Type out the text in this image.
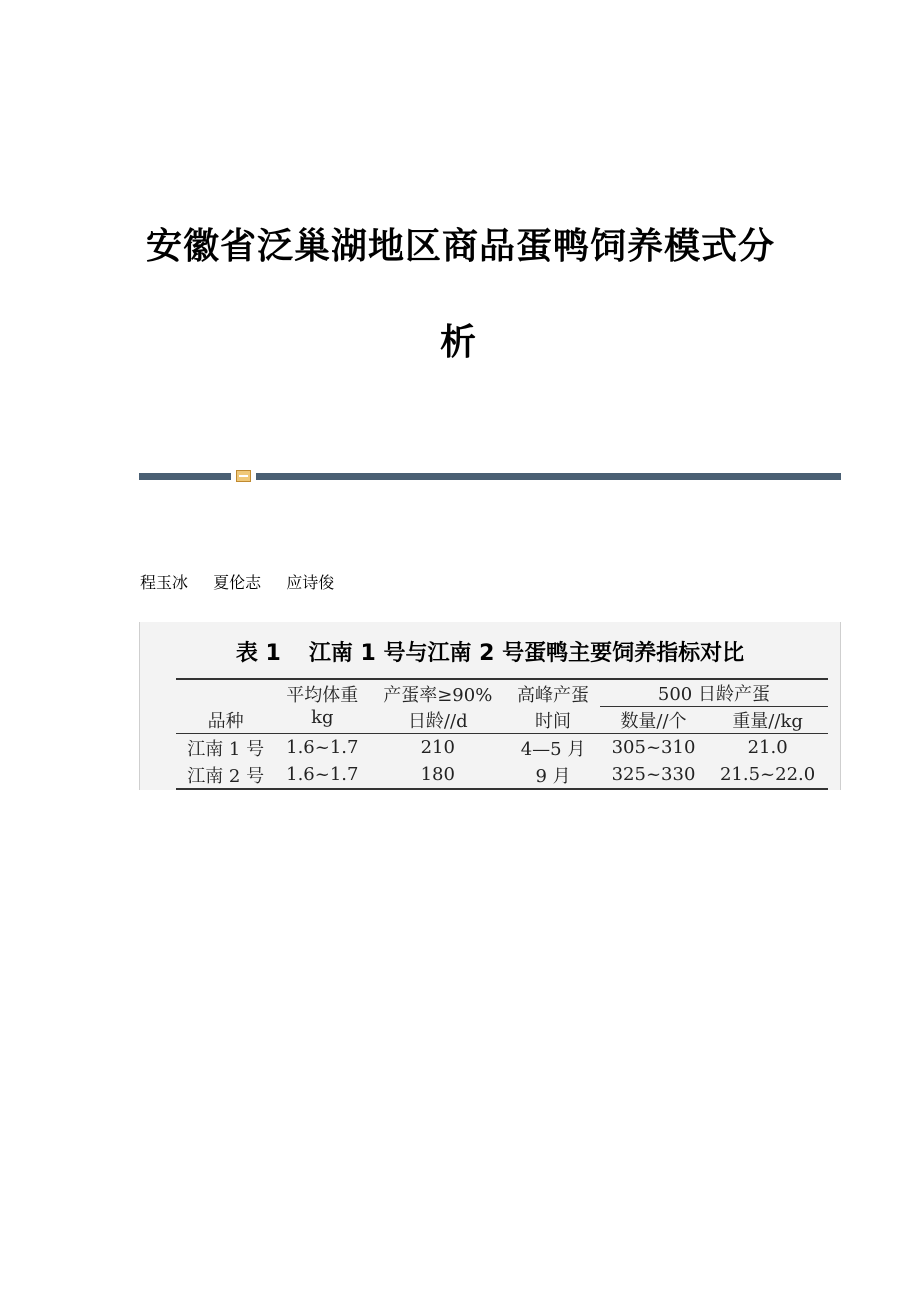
安徽省泛巢湖地区商品蛋鸭饲养模式分
析
程玉冰 夏伦志 应诗俊
表 1 江南 1 号与江南 2 号蛋鸭主要饲养指标对比
品种	平均体重	产蛋率≥90%	高峰产蛋	500 日龄产蛋	
	kg	日龄//d	时间	数量//个	重量//kg
江南 1 号	1.6~1.7	210	4—5 月	305~310	21.0
江南 2 号	1.6~1.7	180	9 月	325~330	21.5~22.0
